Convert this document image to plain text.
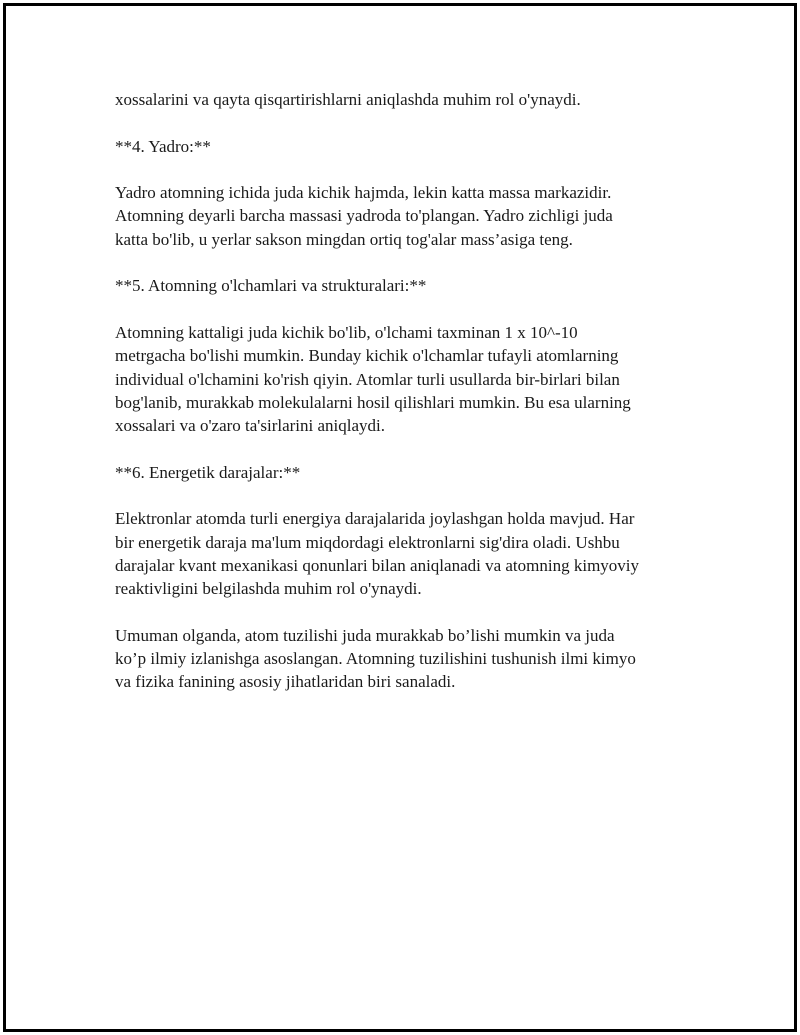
xossalarini va qayta qisqartirishlarni aniqlashda muhim rol o'ynaydi.

**4. Yadro:**

Yadro atomning ichida juda kichik hajmda, lekin katta massa markazidir.
Atomning deyarli barcha massasi yadroda to'plangan. Yadro zichligi juda
katta bo'lib, u yerlar sakson mingdan ortiq tog'alar mass’asiga teng.

**5. Atomning o'lchamlari va strukturalari:**

Atomning kattaligi juda kichik bo'lib, o'lchami taxminan 1 x 10^-10
metrgacha bo'lishi mumkin. Bunday kichik o'lchamlar tufayli atomlarning
individual o'lchamini ko'rish qiyin. Atomlar turli usullarda bir-birlari bilan
bog'lanib, murakkab molekulalarni hosil qilishlari mumkin. Bu esa ularning
xossalari va o'zaro ta'sirlarini aniqlaydi.

**6. Energetik darajalar:**

Elektronlar atomda turli energiya darajalarida joylashgan holda mavjud. Har
bir energetik daraja ma'lum miqdordagi elektronlarni sig'dira oladi. Ushbu
darajalar kvant mexanikasi qonunlari bilan aniqlanadi va atomning kimyoviy
reaktivligini belgilashda muhim rol o'ynaydi.

Umuman olganda, atom tuzilishi juda murakkab bo’lishi mumkin va juda
ko’p ilmiy izlanishga asoslangan. Atomning tuzilishini tushunish ilmi kimyo
va fizika fanining asosiy jihatlaridan biri sanaladi.
